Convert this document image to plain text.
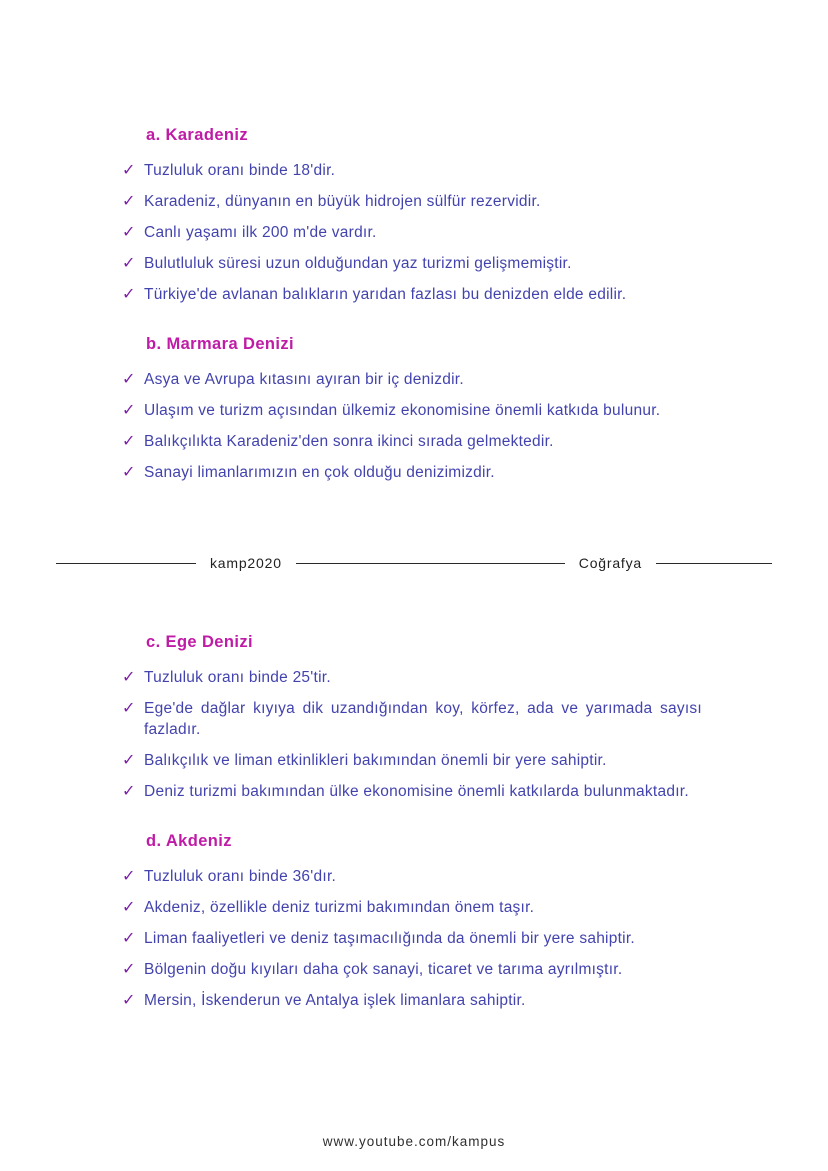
a. Karadeniz
✓ Tuzluluk oranı binde 18'dir.
✓ Karadeniz, dünyanın en büyük hidrojen sülfür rezervidir.
✓ Canlı yaşamı ilk 200 m'de vardır.
✓ Bulutluluk süresi uzun olduğundan yaz turizmi gelişmemiştir.
✓ Türkiye'de avlanan balıkların yarıdan fazlası bu denizden elde edilir.
b. Marmara Denizi
✓ Asya ve Avrupa kıtasını ayıran bir iç denizdir.
✓ Ulaşım ve turizm açısından ülkemiz ekonomisine önemli katkıda bulunur.
✓ Balıkçılıkta Karadeniz'den sonra ikinci sırada gelmektedir.
✓ Sanayi limanlarımızın en çok olduğu denizimizdir.
kamp2020	Coğrafya
c. Ege Denizi
✓ Tuzluluk oranı binde 25'tir.
✓ Ege'de dağlar kıyıya dik uzandığından koy, körfez, ada ve yarımada sayısı fazladır.
✓ Balıkçılık ve liman etkinlikleri bakımından önemli bir yere sahiptir.
✓ Deniz turizmi bakımından ülke ekonomisine önemli katkılarda bulunmaktadır.
d. Akdeniz
✓ Tuzluluk oranı binde 36'dır.
✓ Akdeniz, özellikle deniz turizmi bakımından önem taşır.
✓ Liman faaliyetleri ve deniz taşımacılığında da önemli bir yere sahiptir.
✓ Bölgenin doğu kıyıları daha çok sanayi, ticaret ve tarıma ayrılmıştır.
✓ Mersin, İskenderun ve Antalya işlek limanlara sahiptir.
www.youtube.com/kampus
